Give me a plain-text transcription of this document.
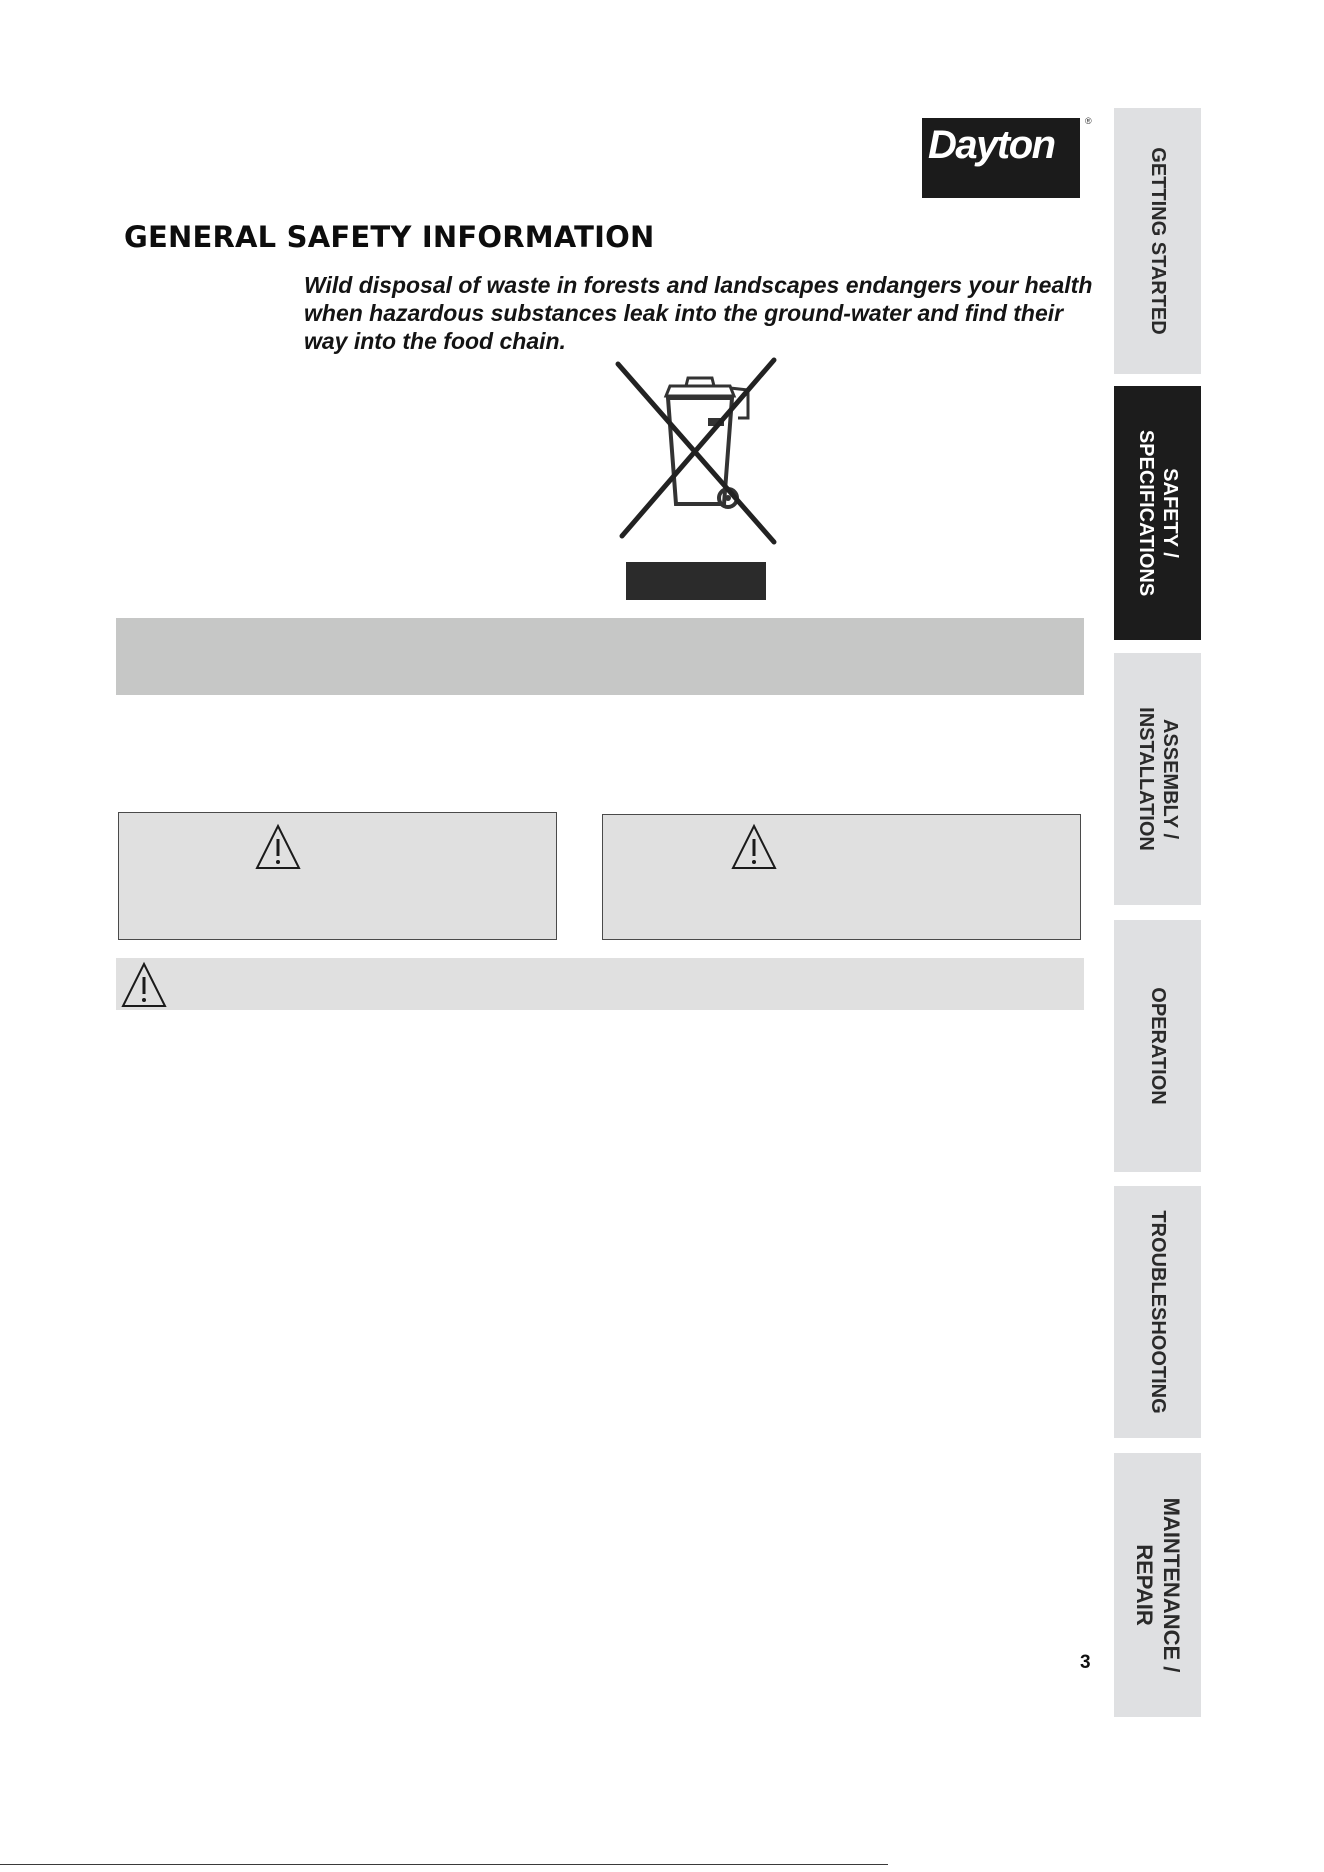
Dayton
®
GENERAL SAFETY INFORMATION

Wild disposal of waste in forests and landscapes endangers your health when hazardous substances leak into the ground-water and find their way into the food chain.

GETTING STARTED
SAFETY /
SPECIFICATIONS
ASSEMBLY /
INSTALLATION
OPERATION
TROUBLESHOOTING
MAINTENANCE /
REPAIR
3
